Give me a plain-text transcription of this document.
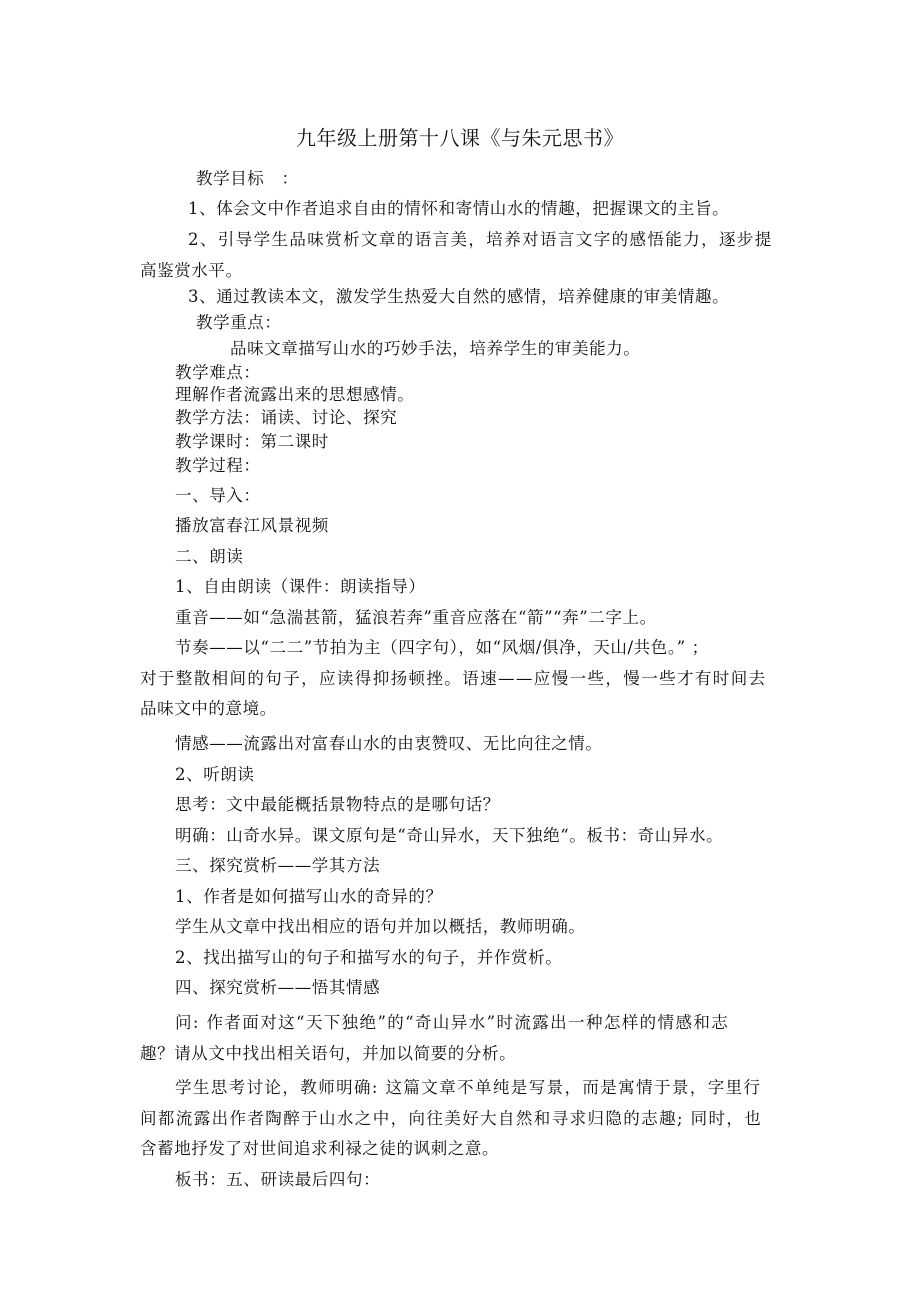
九年级上册第十八课《与朱元思书》
教学目标　：
1、体会文中作者追求自由的情怀和寄情山水的情趣，把握课文的主旨。
2、引导学生品味赏析文章的语言美，培养对语言文字的感悟能力，逐步提
高鉴赏水平。
3、通过教读本文，激发学生热爱大自然的感情，培养健康的审美情趣。
教学重点：
品味文章描写山水的巧妙手法，培养学生的审美能力。
教学难点：
理解作者流露出来的思想感情。
教学方法：诵读、讨论、探究
教学课时：第二课时
教学过程：
一、导入：
播放富春江风景视频
二、朗读
1、自由朗读（课件：朗读指导）
重音——如“急湍甚箭，猛浪若奔”重音应落在“箭”“奔”二字上。
节奏——以“二二”节拍为主（四字句），如“风烟/俱净，天山/共色。” ；
对于整散相间的句子，应读得抑扬顿挫。语速——应慢一些，慢一些才有时间去
品味文中的意境。
情感——流露出对富春山水的由衷赞叹、无比向往之情。
2、听朗读
思考：文中最能概括景物特点的是哪句话？
明确：山奇水异。课文原句是“奇山异水，天下独绝“。板书：奇山异水。
三、探究赏析——学其方法
1、作者是如何描写山水的奇异的？
学生从文章中找出相应的语句并加以概括，教师明确。
2、找出描写山的句子和描写水的句子，并作赏析。
四、探究赏析——悟其情感
问: 作者面对这“天下独绝”的“奇山异水”时流露出一种怎样的情感和志
趣？请从文中找出相关语句，并加以简要的分析。
学生思考讨论，教师明确: 这篇文章不单纯是写景，而是寓情于景，字里行
间都流露出作者陶醉于山水之中，向往美好大自然和寻求归隐的志趣; 同时，也
含蓄地抒发了对世间追求利禄之徒的讽刺之意。
板书：五、研读最后四句：
